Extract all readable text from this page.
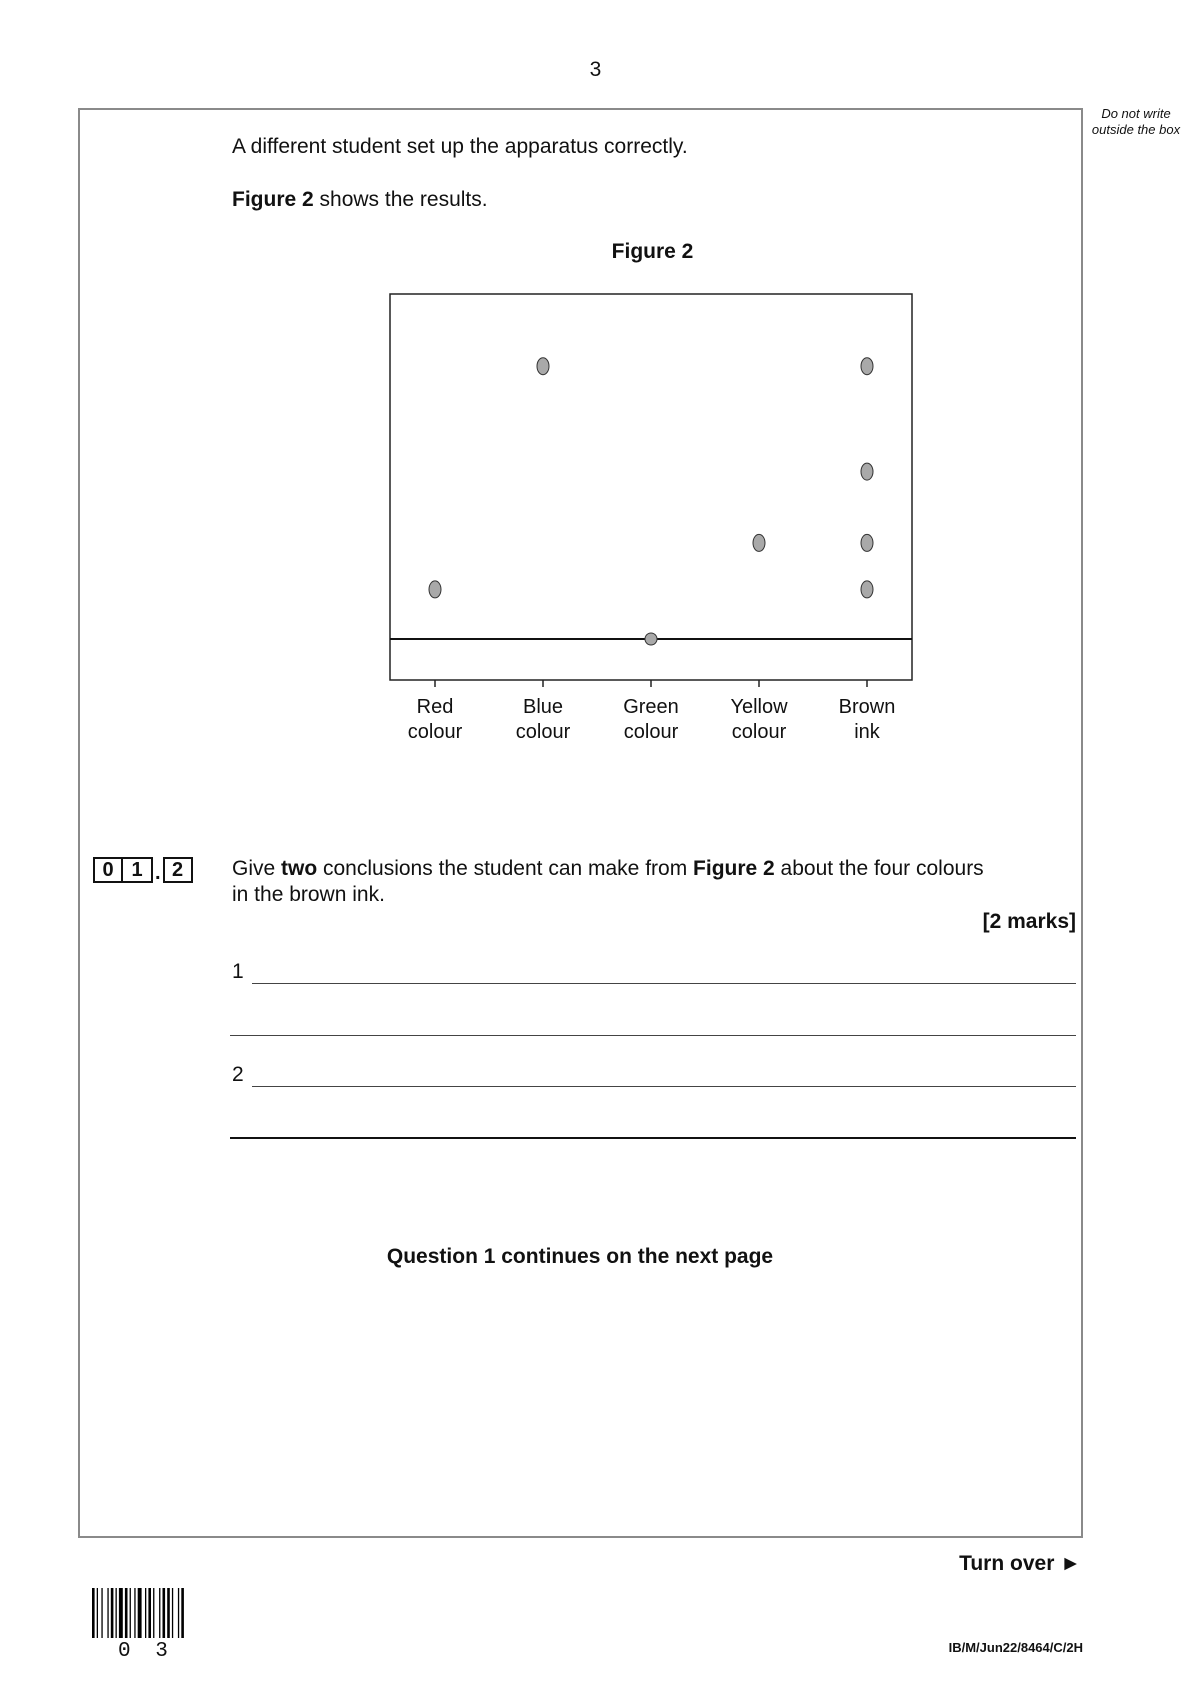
3
Do not write outside the box
A different student set up the apparatus correctly.
Figure 2 shows the results.
Figure 2
Red
colour
Blue
colour
Green
colour
Yellow
colour
Brown
ink
0 1 . 2	Give two conclusions the student can make from Figure 2 about the four colours
in the brown ink.
[2 marks]
1
2
Question 1 continues on the next page
Turn over ►
0 3	IB/M/Jun22/8464/C/2H
